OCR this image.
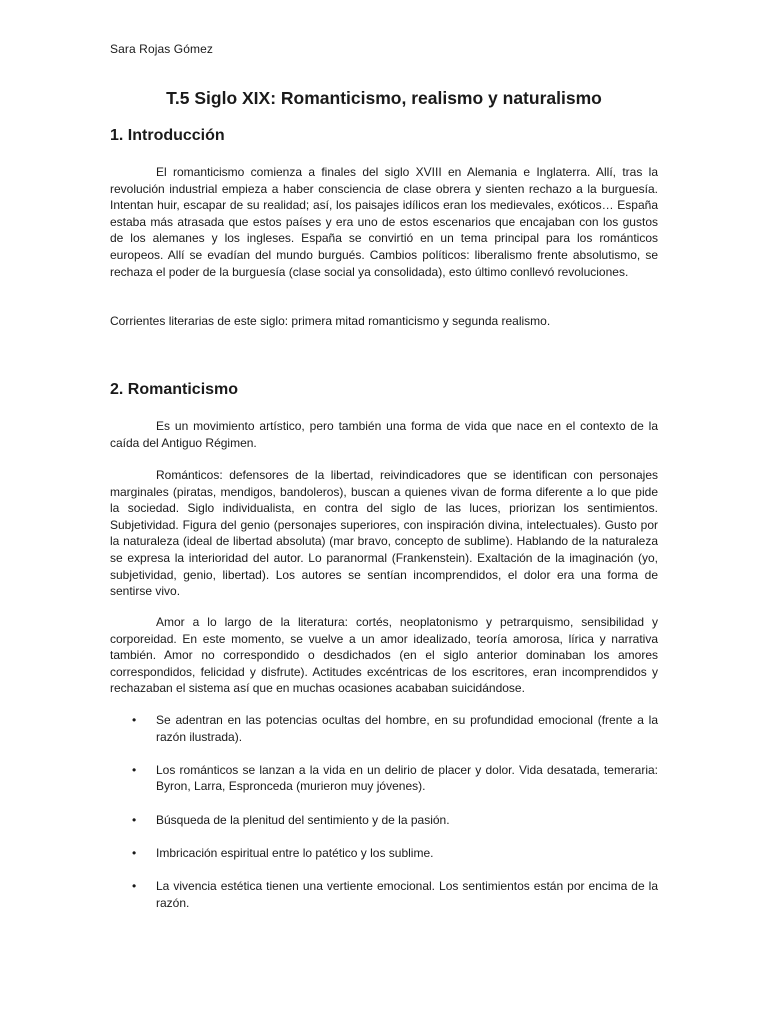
Sara Rojas Gómez
T.5 Siglo XIX: Romanticismo, realismo y naturalismo
1. Introducción

El romanticismo comienza a finales del siglo XVIII en Alemania e Inglaterra. Allí, tras la revolución industrial empieza a haber consciencia de clase obrera y sienten rechazo a la burguesía. Intentan huir, escapar de su realidad; así, los paisajes idílicos eran los medievales, exóticos… España estaba más atrasada que estos países y era uno de estos escenarios que encajaban con los gustos de los alemanes y los ingleses. España se convirtió en un tema principal para los románticos europeos. Allí se evadían del mundo burgués. Cambios políticos: liberalismo frente absolutismo, se rechaza el poder de la burguesía (clase social ya consolidada), esto último conllevó revoluciones.

Corrientes literarias de este siglo: primera mitad romanticismo y segunda realismo.

2. Romanticismo

Es un movimiento artístico, pero también una forma de vida que nace en el contexto de la caída del Antiguo Régimen.

Románticos: defensores de la libertad, reivindicadores que se identifican con personajes marginales (piratas, mendigos, bandoleros), buscan a quienes vivan de forma diferente a lo que pide la sociedad. Siglo individualista, en contra del siglo de las luces, priorizan los sentimientos. Subjetividad. Figura del genio (personajes superiores, con inspiración divina, intelectuales). Gusto por la naturaleza (ideal de libertad absoluta) (mar bravo, concepto de sublime). Hablando de la naturaleza se expresa la interioridad del autor. Lo paranormal (Frankenstein). Exaltación de la imaginación (yo, subjetividad, genio, libertad). Los autores se sentían incomprendidos, el dolor era una forma de sentirse vivo.

Amor a lo largo de la literatura: cortés, neoplatonismo y petrarquismo, sensibilidad y corporeidad. En este momento, se vuelve a un amor idealizado, teoría amorosa, lírica y narrativa también. Amor no correspondido o desdichados (en el siglo anterior dominaban los amores correspondidos, felicidad y disfrute). Actitudes excéntricas de los escritores, eran incomprendidos y rechazaban el sistema así que en muchas ocasiones acababan suicidándose.

• Se adentran en las potencias ocultas del hombre, en su profundidad emocional (frente a la razón ilustrada).
• Los románticos se lanzan a la vida en un delirio de placer y dolor. Vida desatada, temeraria: Byron, Larra, Espronceda (murieron muy jóvenes).
• Búsqueda de la plenitud del sentimiento y de la pasión.
• Imbricación espiritual entre lo patético y los sublime.
• La vivencia estética tienen una vertiente emocional. Los sentimientos están por encima de la razón.
